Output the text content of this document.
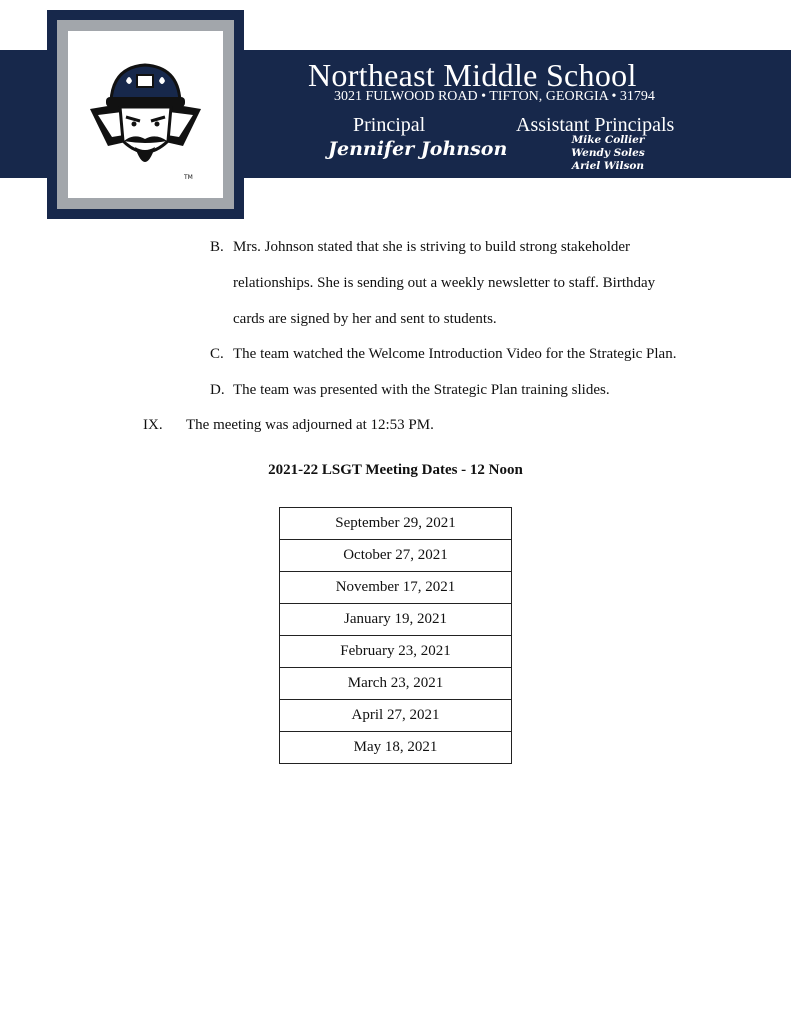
TM
Northeast Middle School
3021 FULWOOD ROAD • TIFTON, GEORGIA • 31794
Principal
Jennifer Johnson
Assistant Principals
Mike Collier
Wendy Soles
Ariel Wilson
B. Mrs. Johnson stated that she is striving to build strong stakeholder
relationships. She is sending out a weekly newsletter to staff. Birthday
cards are signed by her and sent to students.
C. The team watched the Welcome Introduction Video for the Strategic Plan.
D. The team was presented with the Strategic Plan training slides.
IX. The meeting was adjourned at 12:53 PM.
2021-22 LSGT Meeting Dates - 12 Noon
September 29, 2021
October 27, 2021
November 17, 2021
January 19, 2021
February 23, 2021
March 23, 2021
April 27, 2021
May 18, 2021
